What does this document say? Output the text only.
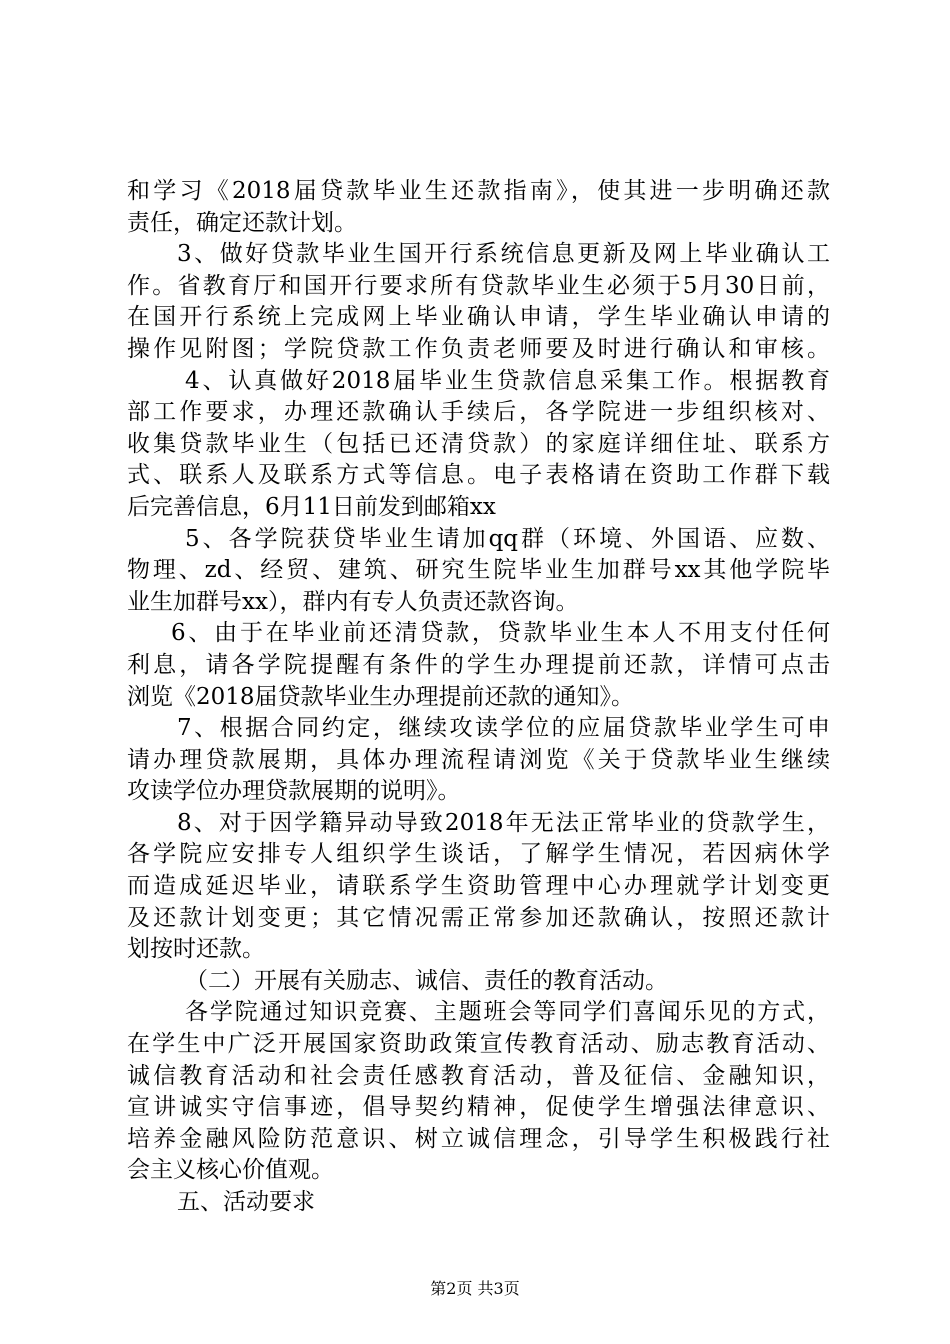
和学习《2018届贷款毕业生还款指南》，使其进一步明确还款
责任，确定还款计划。
3、做好贷款毕业生国开行系统信息更新及网上毕业确认工
作。省教育厅和国开行要求所有贷款毕业生必须于5月30日前，
在国开行系统上完成网上毕业确认申请，学生毕业确认申请的
操作见附图；学院贷款工作负责老师要及时进行确认和审核。
4、认真做好2018届毕业生贷款信息采集工作。根据教育
部工作要求，办理还款确认手续后，各学院进一步组织核对、
收集贷款毕业生（包括已还清贷款）的家庭详细住址、联系方
式、联系人及联系方式等信息。电子表格请在资助工作群下载
后完善信息，6月11日前发到邮箱xx
5、各学院获贷毕业生请加qq群（环境、外国语、应数、
物理、zd、经贸、建筑、研究生院毕业生加群号xx其他学院毕
业生加群号xx），群内有专人负责还款咨询。
6、由于在毕业前还清贷款，贷款毕业生本人不用支付任何
利息，请各学院提醒有条件的学生办理提前还款，详情可点击
浏览《2018届贷款毕业生办理提前还款的通知》。
7、根据合同约定，继续攻读学位的应届贷款毕业学生可申
请办理贷款展期，具体办理流程请浏览《关于贷款毕业生继续
攻读学位办理贷款展期的说明》。
8、对于因学籍异动导致2018年无法正常毕业的贷款学生，
各学院应安排专人组织学生谈话，了解学生情况，若因病休学
而造成延迟毕业，请联系学生资助管理中心办理就学计划变更
及还款计划变更；其它情况需正常参加还款确认，按照还款计
划按时还款。
（二）开展有关励志、诚信、责任的教育活动。
各学院通过知识竞赛、主题班会等同学们喜闻乐见的方式，
在学生中广泛开展国家资助政策宣传教育活动、励志教育活动、
诚信教育活动和社会责任感教育活动，普及征信、金融知识，
宣讲诚实守信事迹，倡导契约精神，促使学生增强法律意识、
培养金融风险防范意识、树立诚信理念，引导学生积极践行社
会主义核心价值观。
五、活动要求
第2页 共3页
